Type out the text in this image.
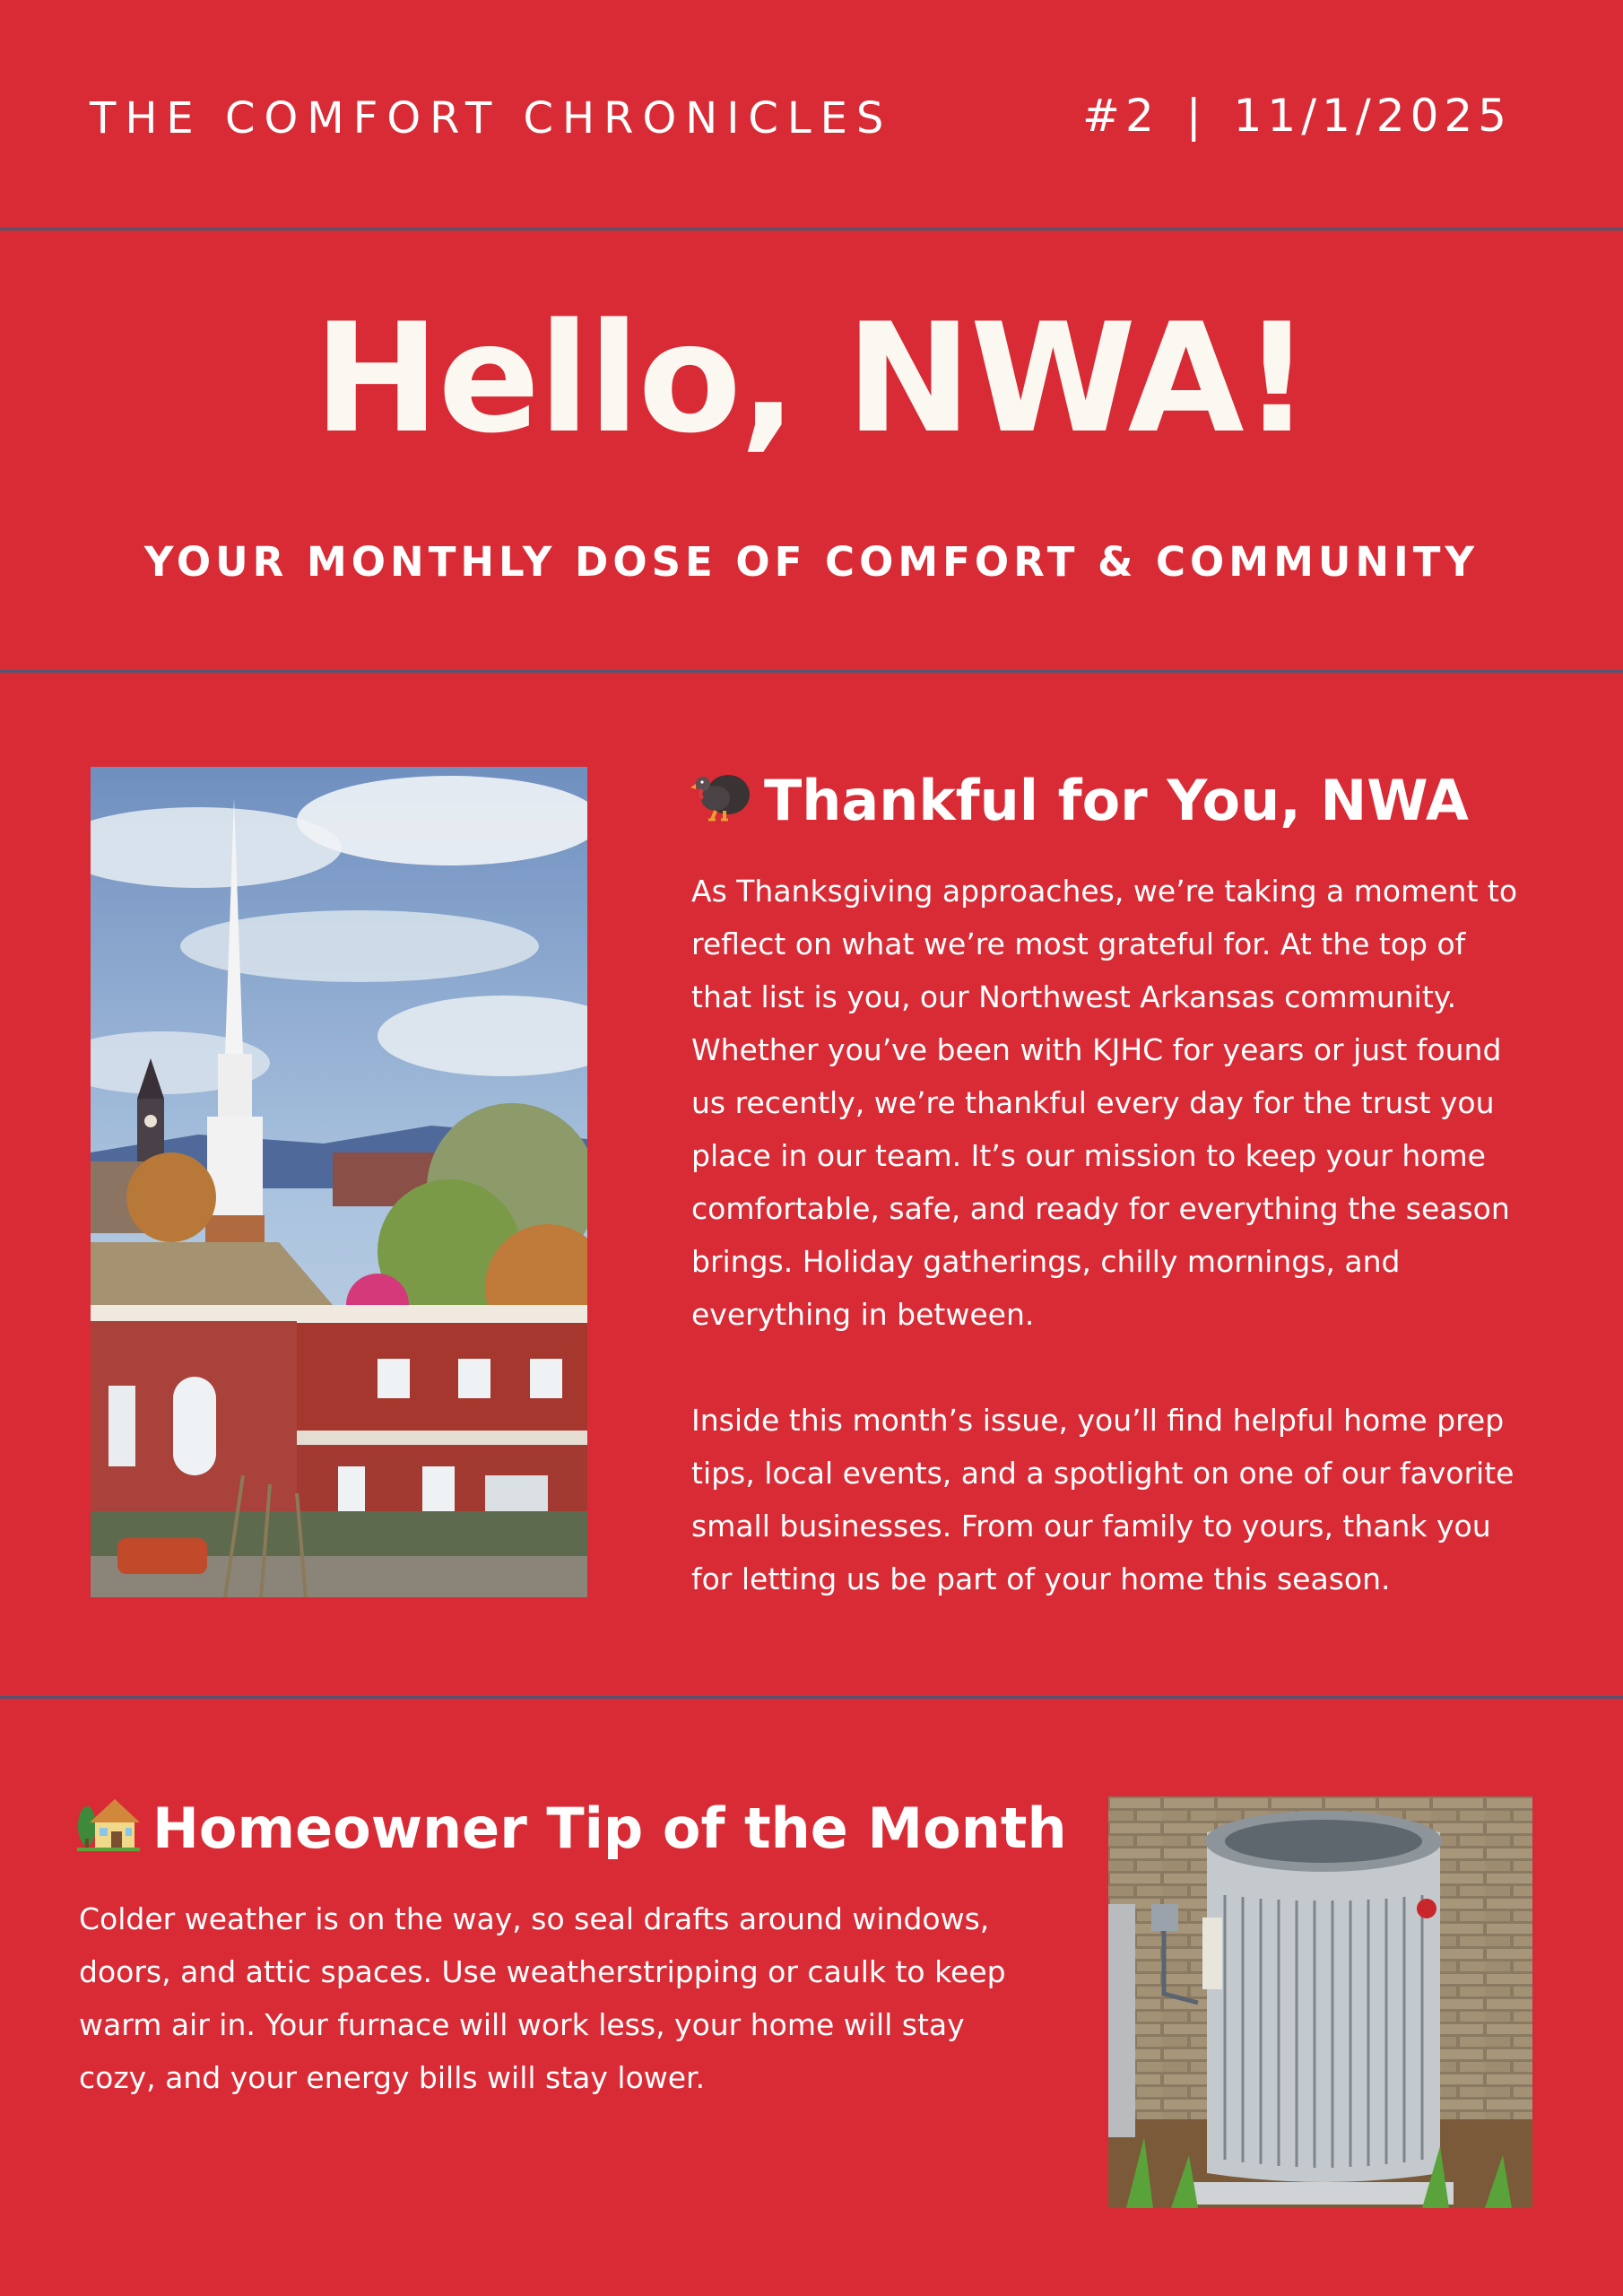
THE COMFORT CHRONICLES	#2 | 11/1/2025
Hello, NWA!
YOUR MONTHLY DOSE OF COMFORT & COMMUNITY
Thankful for You, NWA

As Thanksgiving approaches, we’re taking a moment to reflect on what we’re most grateful for. At the top of that list is you, our Northwest Arkansas community. Whether you’ve been with KJHC for years or just found us recently, we’re thankful every day for the trust you place in our team. It’s our mission to keep your home comfortable, safe, and ready for everything the season brings. Holiday gatherings, chilly mornings, and everything in between.

Inside this month’s issue, you’ll find helpful home prep tips, local events, and a spotlight on one of our favorite small businesses. From our family to yours, thank you for letting us be part of your home this season.

Homeowner Tip of the Month

Colder weather is on the way, so seal drafts around windows, doors, and attic spaces. Use weatherstripping or caulk to keep warm air in. Your furnace will work less, your home will stay cozy, and your energy bills will stay lower.
